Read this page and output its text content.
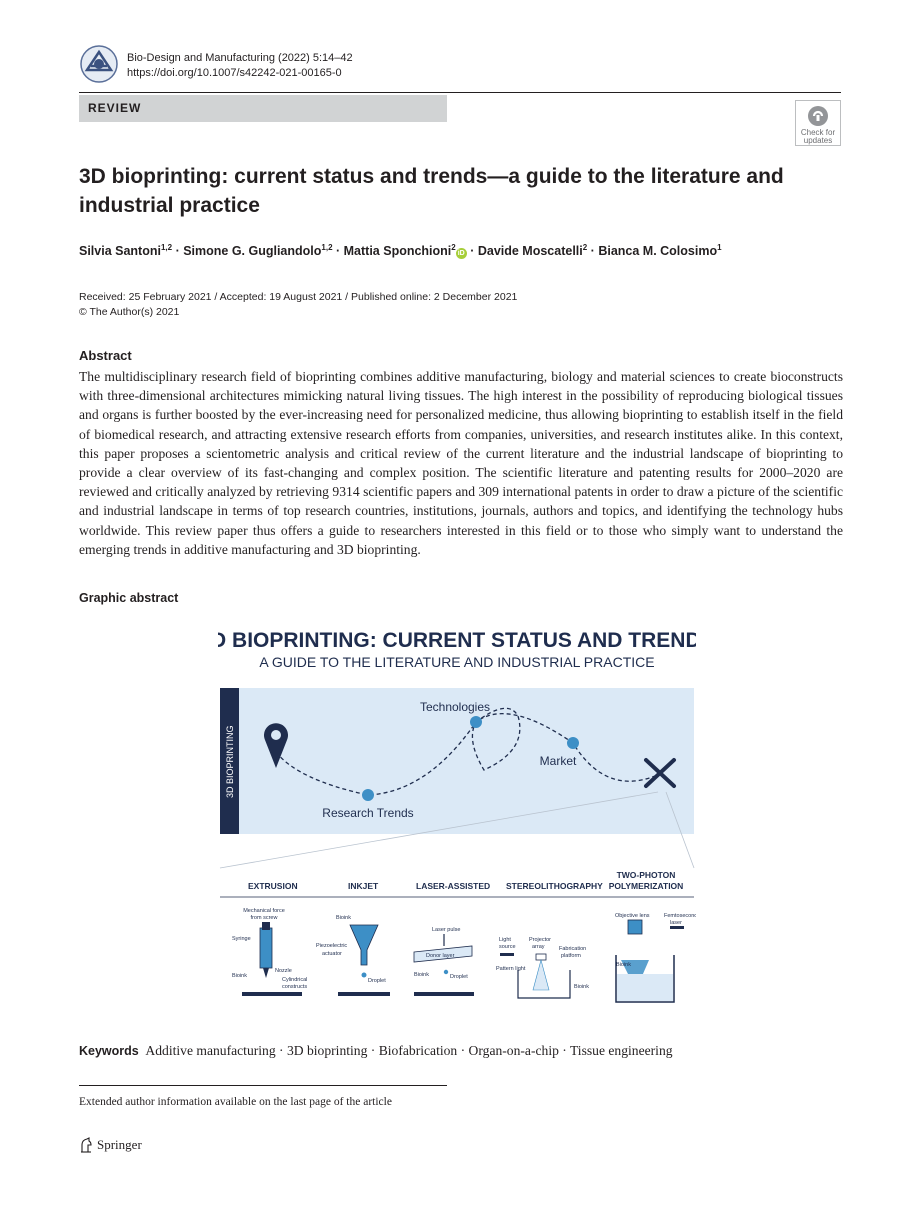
Bio-Design and Manufacturing (2022) 5:14–42
https://doi.org/10.1007/s42242-021-00165-0
REVIEW
Check for
updates
3D bioprinting: current status and trends—a guide to the literature and industrial practice
Silvia Santoni$^{1,2}$ · Simone G. Gugliandolo$^{1,2}$ · Mattia Sponchioni$^2$iD · Davide Moscatelli$^2$ · Bianca M. Colosimo$^1$
Received: 25 February 2021 / Accepted: 19 August 2021 / Published online: 2 December 2021
© The Author(s) 2021
Abstract
The multidisciplinary research field of bioprinting combines additive manufacturing, biology and material sciences to create bioconstructs with three-dimensional architectures mimicking natural living tissues. The high interest in the possibility of reproducing biological tissues and organs is further boosted by the ever-increasing need for personalized medicine, thus allowing bioprinting to establish itself in the field of biomedical research, and attracting extensive research efforts from companies, universities, and research institutes alike. In this context, this paper proposes a scientometric analysis and critical review of the current literature and the industrial landscape of bioprinting to provide a clear overview of its fast-changing and complex position. The scientific literature and patenting results for 2000–2020 are reviewed and critically analyzed by retrieving 9314 scientific papers and 309 international patents in order to draw a picture of the scientific and industrial landscape in terms of top research countries, institutions, journals, authors and topics, and identifying the technology hubs worldwide. This review paper thus offers a guide to researchers interested in this field or to those who simply want to understand the emerging trends in additive manufacturing and 3D bioprinting.
Graphic abstract
3D BIOPRINTING: CURRENT STATUS AND TRENDS
A GUIDE TO THE LITERATURE AND INDUSTRIAL PRACTICE
3D BIOPRINTING
Research Trends
Technologies
Market
EXTRUSION	INKJET	LASER-ASSISTED STEREOLITHOGRAPHY
TWO-PHOTON
POLYMERIZATION
Mechanical force
from screw
Syringe
Bioink
Nozzle
Cylindrical
constructs
Bioink
Piezoelectric
actuator
Droplet
Laser pulse
Donor layer
Bioink	Droplet
Light
source
Projector
array	Fabrication
platform
Pattern light
Bioink
Objective lens	Femtosecond
laser
Bioink
Keywords Additive manufacturing · 3D bioprinting · Biofabrication · Organ-on-a-chip · Tissue engineering
Extended author information available on the last page of the article
Springer
